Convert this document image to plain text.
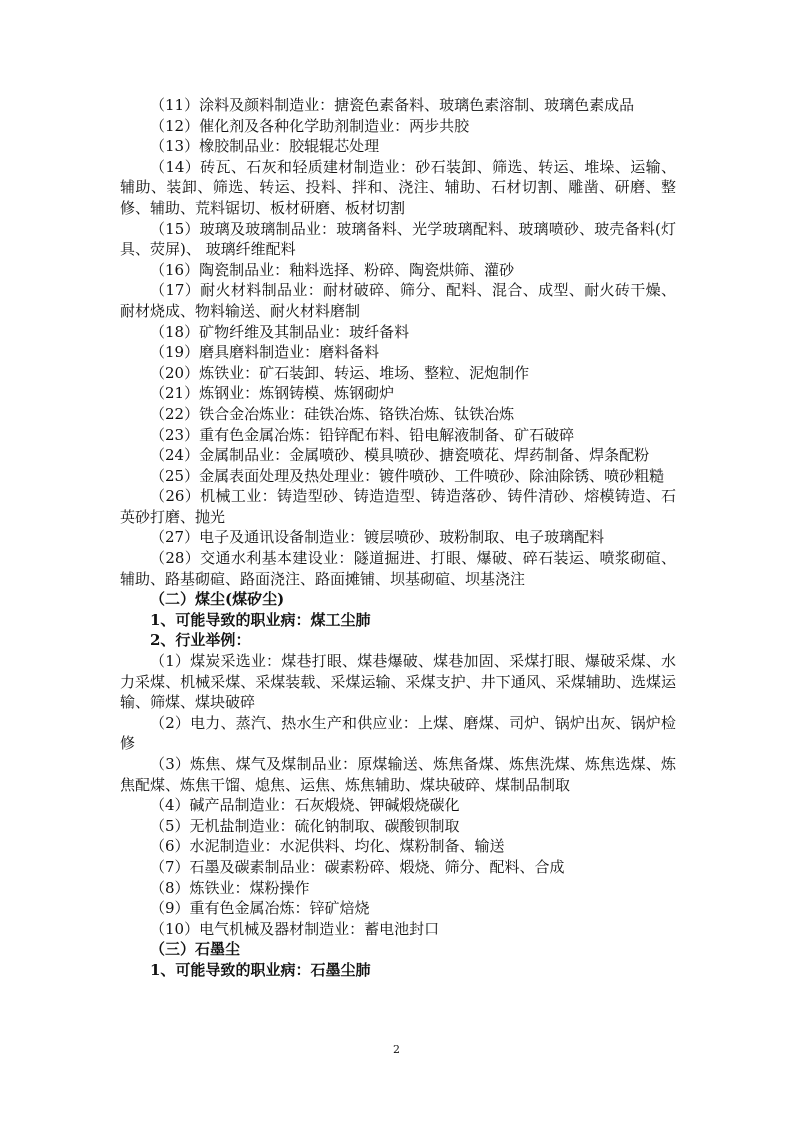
（11）涂料及颜料制造业：搪瓷色素备料、玻璃色素溶制、玻璃色素成品

（12）催化剂及各种化学助剂制造业：两步共胶

（13）橡胶制品业：胶辊辊芯处理

（14）砖瓦、石灰和轻质建材制造业：砂石装卸、筛选、转运、堆垛、运输、辅助、装卸、筛选、转运、投料、拌和、浇注、辅助、石材切割、雕凿、研磨、整修、辅助、荒料锯切、板材研磨、板材切割

（15）玻璃及玻璃制品业：玻璃备料、光学玻璃配料、玻璃喷砂、玻壳备料(灯具、荧屏)、 玻璃纤维配料

（16）陶瓷制品业：釉料选择、粉碎、陶瓷烘筛、灌砂

（17）耐火材料制品业：耐材破碎、筛分、配料、混合、成型、耐火砖干燥、耐材烧成、物料输送、耐火材料磨制

（18）矿物纤维及其制品业：玻纤备料

（19）磨具磨料制造业：磨料备料

（20）炼铁业：矿石装卸、转运、堆场、整粒、泥炮制作

（21）炼钢业：炼钢铸模、炼钢砌炉

（22）铁合金冶炼业：硅铁冶炼、铬铁冶炼、钛铁冶炼

（23）重有色金属冶炼：铅锌配布料、铅电解液制备、矿石破碎

（24）金属制品业：金属喷砂、模具喷砂、搪瓷喷花、焊药制备、焊条配粉

（25）金属表面处理及热处理业：镀件喷砂、工件喷砂、除油除锈、喷砂粗糙

（26）机械工业：铸造型砂、铸造造型、铸造落砂、铸件清砂、熔模铸造、石英砂打磨、抛光

（27）电子及通讯设备制造业：镀层喷砂、玻粉制取、电子玻璃配料

（28）交通水利基本建设业：隧道掘进、打眼、爆破、碎石装运、喷浆砌碹、辅助、路基砌碹、路面浇注、路面摊铺、坝基砌碹、坝基浇注

（二）煤尘(煤矽尘)

1、可能导致的职业病：煤工尘肺

2、行业举例：

（1）煤炭采选业：煤巷打眼、煤巷爆破、煤巷加固、采煤打眼、爆破采煤、水力采煤、机械采煤、采煤装载、采煤运输、采煤支护、井下通风、采煤辅助、选煤运输、筛煤、煤块破碎

（2）电力、蒸汽、热水生产和供应业：上煤、磨煤、司炉、锅炉出灰、锅炉检修

（3）炼焦、煤气及煤制品业：原煤输送、炼焦备煤、炼焦洗煤、炼焦选煤、炼焦配煤、炼焦干馏、熄焦、运焦、炼焦辅助、煤块破碎、煤制品制取

（4）碱产品制造业：石灰煅烧、钾碱煅烧碳化

（5）无机盐制造业：硫化钠制取、碳酸钡制取

（6）水泥制造业：水泥供料、均化、煤粉制备、输送

（7）石墨及碳素制品业：碳素粉碎、煅烧、筛分、配料、合成

（8）炼铁业：煤粉操作

（9）重有色金属冶炼：锌矿焙烧

（10）电气机械及器材制造业：蓄电池封口

（三）石墨尘

1、可能导致的职业病：石墨尘肺

2
